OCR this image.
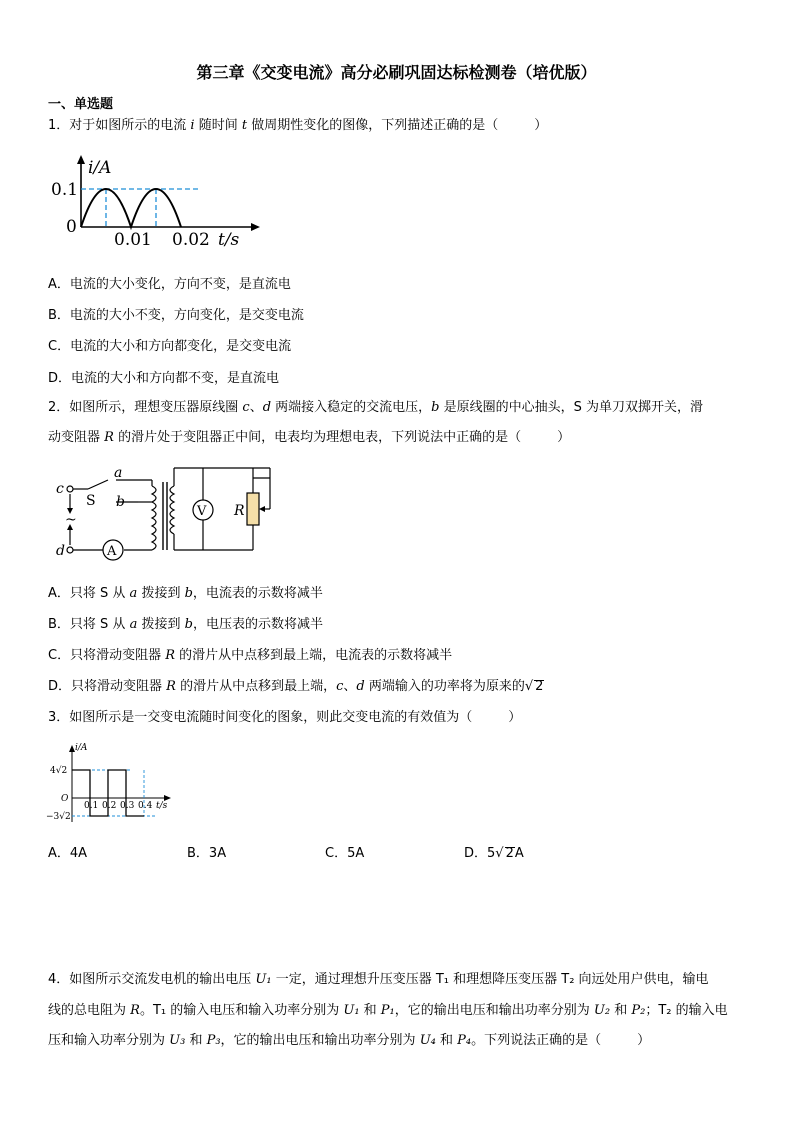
第三章《交变电流》高分必刷巩固达标检测卷（培优版）
一、单选题
1．对于如图所示的电流 i 随时间 t 做周期性变化的图像，下列描述正确的是（	）
i/A
0.1
0
0.01 0.02 t/s
A．电流的大小变化，方向不变，是直流电
B．电流的大小不变，方向变化，是交变电流
C．电流的大小和方向都变化，是交变电流
D．电流的大小和方向都不变，是直流电
2．如图所示，理想变压器原线圈 c、d 两端接入稳定的交流电压，b 是原线圈的中心抽头，S 为单刀双掷开关，滑
动变阻器 R 的滑片处于变阻器正中间，电表均为理想电表，下列说法中正确的是（	）
c
d
a
b
S
~
V
A
R
A．只将 S 从 a 拨接到 b，电流表的示数将减半
B．只将 S 从 a 拨接到 b，电压表的示数将减半
C．只将滑动变阻器 R 的滑片从中点移到最上端，电流表的示数将减半
D．只将滑动变阻器 R 的滑片从中点移到最上端，c、d 两端输入的功率将为原来的√ 2
3．如图所示是一交变电流随时间变化的图象，则此交变电流的有效值为（	）
i/A
4√2
O
−3√2
0.1 0.2 0.3 0.4 t/s
A．4A	B．3A	C．5A	D．5√ 2A
4．如图所示交流发电机的输出电压 U₁ 一定，通过理想升压变压器 T₁ 和理想降压变压器 T₂ 向远处用户供电，输电
线的总电阻为 R。T₁ 的输入电压和输入功率分别为 U₁ 和 P₁，它的输出电压和输出功率分别为 U₂ 和 P₂；T₂ 的输入电
压和输入功率分别为 U₃ 和 P₃，它的输出电压和输出功率分别为 U₄ 和 P₄。下列说法正确的是（	）
